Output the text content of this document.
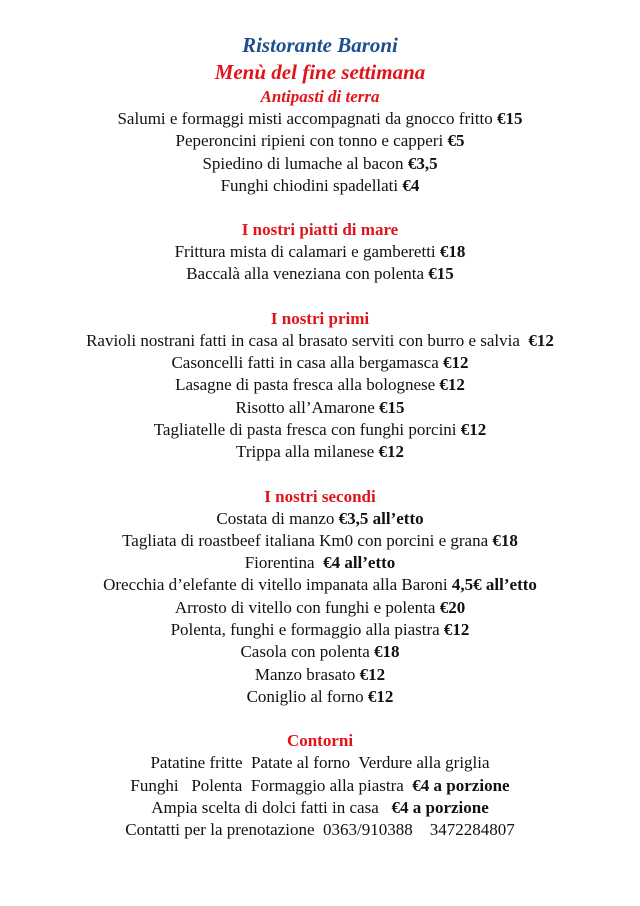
Ristorante Baroni
Menù del fine settimana
Antipasti di terra
Salumi e formaggi misti accompagnati da gnocco fritto €15
Peperoncini ripieni con tonno e capperi €5
Spiedino di lumache al bacon €3,5
Funghi chiodini spadellati €4
I nostri piatti di mare
Frittura mista di calamari e gamberetti €18
Baccalà alla veneziana con polenta €15
I nostri primi
Ravioli nostrani fatti in casa al brasato serviti con burro e salvia  €12
Casoncelli fatti in casa alla bergamasca €12
Lasagne di pasta fresca alla bolognese €12
Risotto all’Amarone €15
Tagliatelle di pasta fresca con funghi porcini €12
Trippa alla milanese €12
I nostri secondi
Costata di manzo €3,5 all’etto
Tagliata di roastbeef italiana Km0 con porcini e grana €18
Fiorentina  €4 all’etto
Orecchia d’elefante di vitello impanata alla Baroni 4,5€ all’etto
Arrosto di vitello con funghi e polenta €20
Polenta, funghi e formaggio alla piastra €12
Casola con polenta €18
Manzo brasato €12
Coniglio al forno €12
Contorni
Patatine fritte  Patate al forno  Verdure alla griglia
Funghi   Polenta  Formaggio alla piastra  €4 a porzione
Ampia scelta di dolci fatti in casa   €4 a porzione
Contatti per la prenotazione  0363/910388    3472284807
